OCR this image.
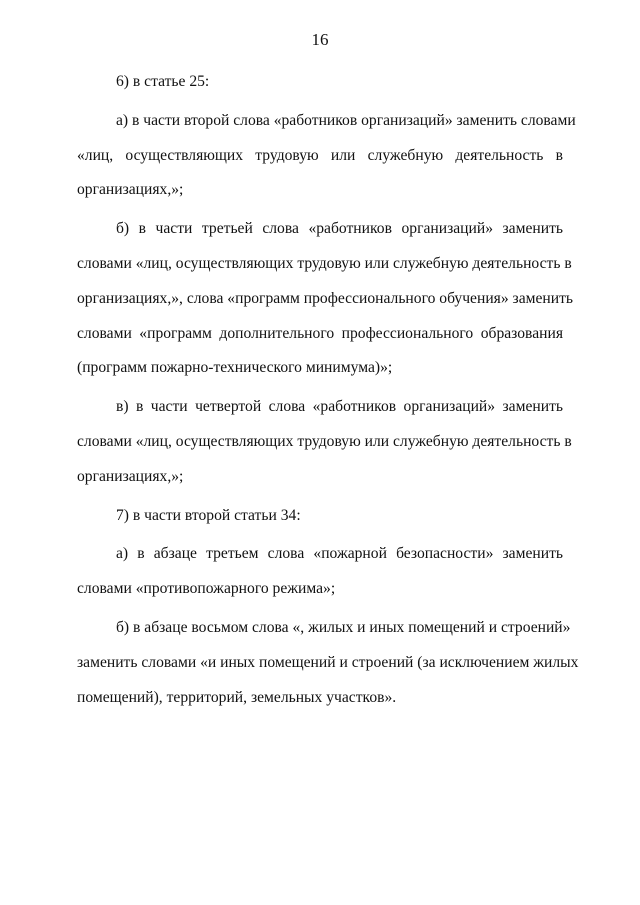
16
6) в статье 25:
а) в части второй слова «работников организаций» заменить словами
«лиц, осуществляющих трудовую или служебную деятельность в
организациях,»;
б) в части третьей слова «работников организаций» заменить
словами «лиц, осуществляющих трудовую или служебную деятельность в
организациях,», слова «программ профессионального обучения» заменить
словами «программ дополнительного профессионального образования
(программ пожарно-технического минимума)»;
в) в части четвертой слова «работников организаций» заменить
словами «лиц, осуществляющих трудовую или служебную деятельность в
организациях,»;
7) в части второй статьи 34:
а) в абзаце третьем слова «пожарной безопасности» заменить
словами «противопожарного режима»;
б) в абзаце восьмом слова «, жилых и иных помещений и строений»
заменить словами «и иных помещений и строений (за исключением жилых
помещений), территорий, земельных участков».
